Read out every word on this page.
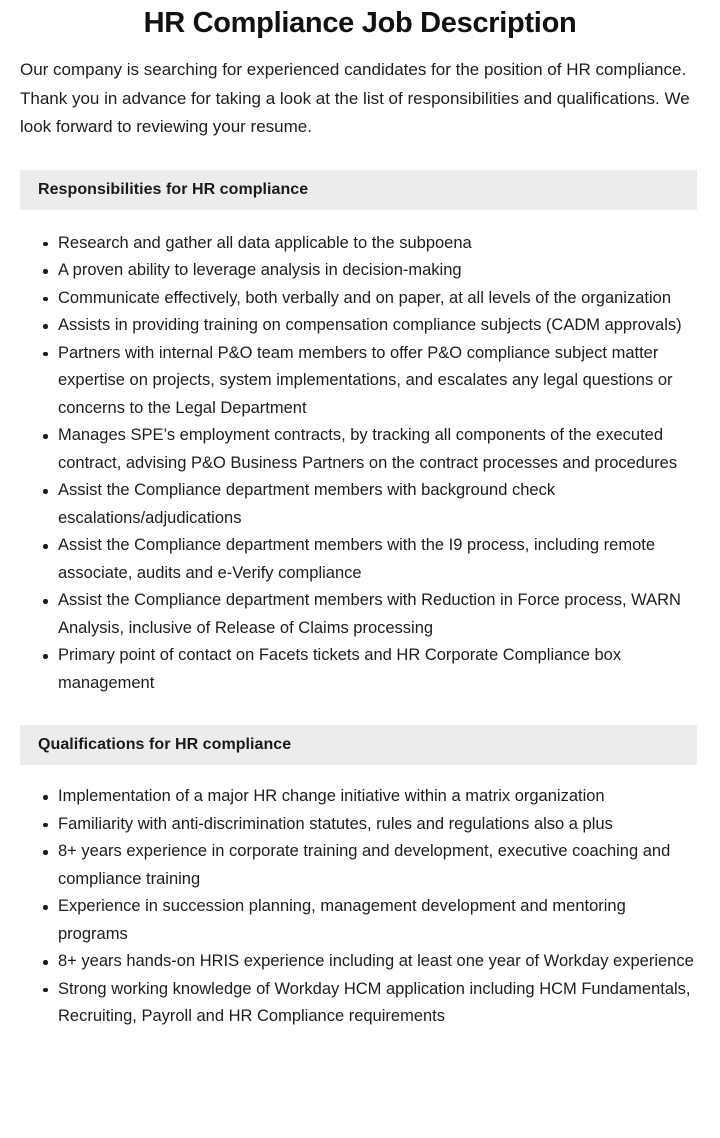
HR Compliance Job Description

Our company is searching for experienced candidates for the position of HR compliance. Thank you in advance for taking a look at the list of responsibilities and qualifications. We look forward to reviewing your resume.

Responsibilities for HR compliance
Research and gather all data applicable to the subpoena
A proven ability to leverage analysis in decision-making
Communicate effectively, both verbally and on paper, at all levels of the organization
Assists in providing training on compensation compliance subjects (CADM approvals)
Partners with internal P&O team members to offer P&O compliance subject matter expertise on projects, system implementations, and escalates any legal questions or concerns to the Legal Department
Manages SPE’s employment contracts, by tracking all components of the executed contract, advising P&O Business Partners on the contract processes and procedures
Assist the Compliance department members with background check escalations/adjudications
Assist the Compliance department members with the I9 process, including remote associate, audits and e-Verify compliance
Assist the Compliance department members with Reduction in Force process, WARN Analysis, inclusive of Release of Claims processing
Primary point of contact on Facets tickets and HR Corporate Compliance box management
Qualifications for HR compliance
Implementation of a major HR change initiative within a matrix organization
Familiarity with anti-discrimination statutes, rules and regulations also a plus
8+ years experience in corporate training and development, executive coaching and compliance training
Experience in succession planning, management development and mentoring programs
8+ years hands-on HRIS experience including at least one year of Workday experience
Strong working knowledge of Workday HCM application including HCM Fundamentals, Recruiting, Payroll and HR Compliance requirements
